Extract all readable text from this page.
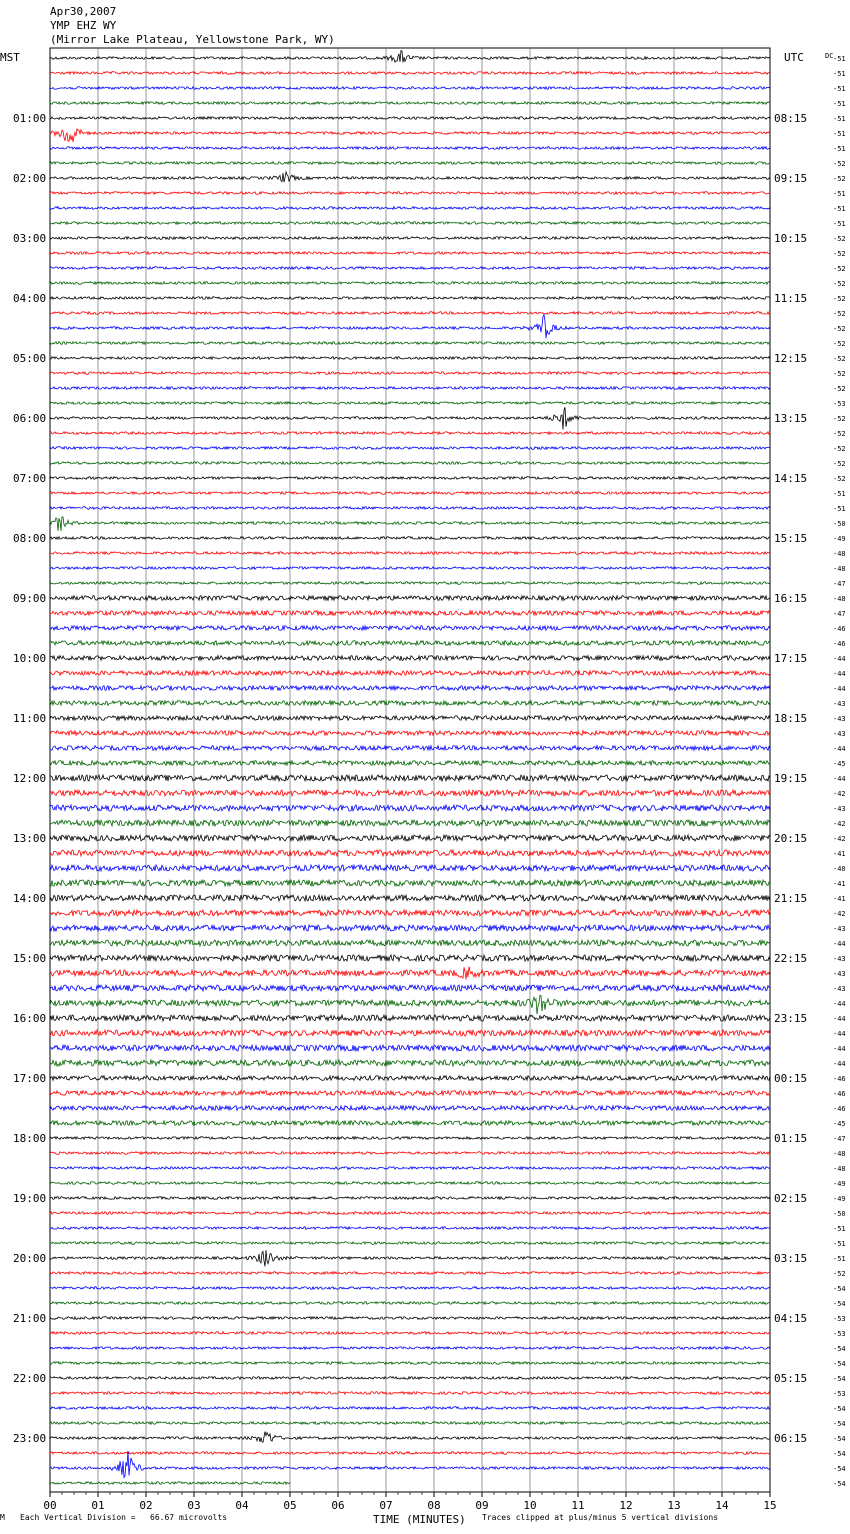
01:00
02:00
03:00
04:00
05:00
06:00
07:00
08:00
09:00
10:00
11:00
12:00
13:00
14:00
15:00
16:00
17:00
18:00
19:00
20:00
21:00
22:00
23:00
08:15
09:15
10:15
11:15
12:15
13:15
14:15
15:15
16:15
17:15
18:15
19:15
20:15
21:15
22:15
23:15
00:15
01:15
02:15
03:15
04:15
05:15
06:15
-51
-51
-51
-51
-51
-51
-51
-52
-52
-51
-51
-51
-52
-52
-52
-52
-52
-52
-52
-52
-52
-52
-52
-53
-52
-52
-52
-52
-52
-51
-51
-50
-49
-48
-48
-47
-48
-47
-46
-46
-44
-44
-44
-43
-43
-43
-44
-45
-44
-42
-43
-42
-42
-41
-40
-41
-41
-42
-43
-44
-43
-43
-43
-44
-44
-44
-44
-44
-46
-46
-46
-45
-47
-48
-48
-49
-49
-50
-51
-51
-51
-52
-54
-54
-53
-53
-54
-54
-54
-53
-54
-54
-54
-54
-54
-54
00	01	02	03	04	05	06	07	08	09	10	11	12	13	14	15
MST	UTC	DC
TIME (MINUTES)
Apr30,2007
YMP EHZ WY
(Mirror Lake Plateau, Yellowstone Park, WY)
M Each Vertical Division =   66.67 microvolts	Traces clipped at plus/minus 5 vertical divisions
